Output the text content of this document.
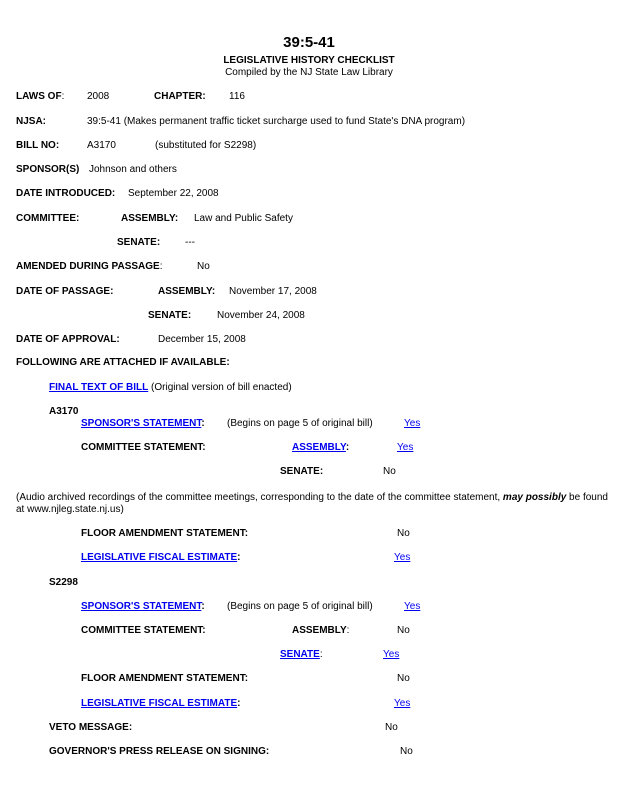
39:5-41
LEGISLATIVE HISTORY CHECKLIST
Compiled by the NJ State Law Library
LAWS OF: 2008	CHAPTER: 116
NJSA:	39:5-41 (Makes permanent traffic ticket surcharge used to fund State's DNA program)
BILL NO:	A3170	(substituted for S2298)
SPONSOR(S) Johnson and others
DATE INTRODUCED: September 22, 2008
COMMITTEE:	ASSEMBLY: Law and Public Safety
SENATE: ---
AMENDED DURING PASSAGE:	No
DATE OF PASSAGE:	ASSEMBLY: November 17, 2008
SENATE:	November 24, 2008
DATE OF APPROVAL:	December 15, 2008
FOLLOWING ARE ATTACHED IF AVAILABLE:
FINAL TEXT OF BILL (Original version of bill enacted)
A3170
SPONSOR'S STATEMENT: (Begins on page 5 of original bill)	Yes
COMMITTEE STATEMENT:	ASSEMBLY:	Yes
SENATE:	No
(Audio archived recordings of the committee meetings, corresponding to the date of the committee statement, may possibly be found
at www.njleg.state.nj.us)
FLOOR AMENDMENT STATEMENT:	No
LEGISLATIVE FISCAL ESTIMATE:	Yes
S2298
SPONSOR'S STATEMENT: (Begins on page 5 of original bill)	Yes
COMMITTEE STATEMENT:	ASSEMBLY:	No
SENATE:	Yes
FLOOR AMENDMENT STATEMENT:	No
LEGISLATIVE FISCAL ESTIMATE:	Yes
VETO MESSAGE:	No
GOVERNOR'S PRESS RELEASE ON SIGNING:	No
